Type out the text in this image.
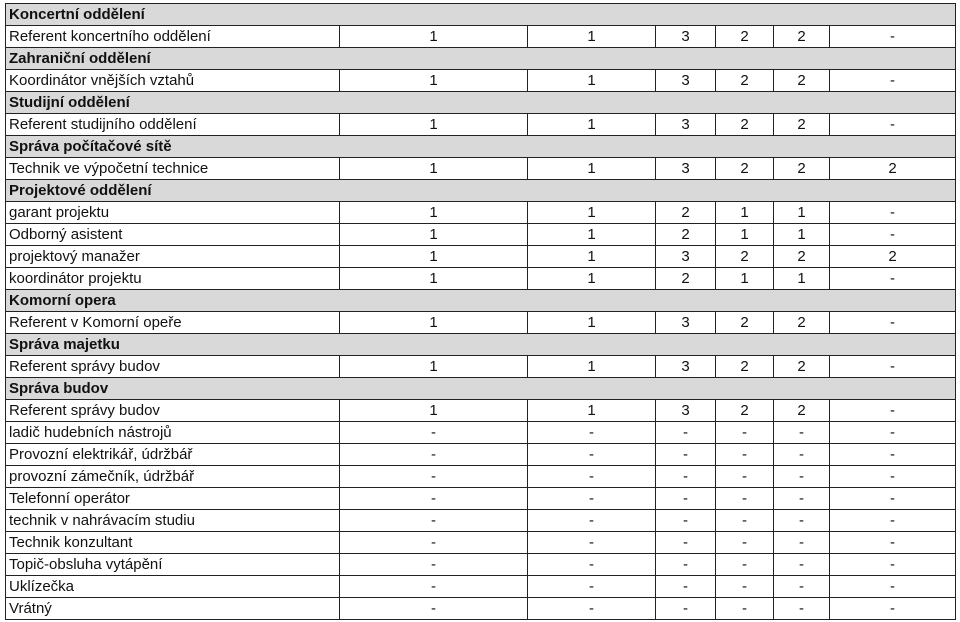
Koncertní oddělení						
Referent koncertního oddělení	1	1	3	2	2	-
Zahraniční oddělení						
Koordinátor vnějších vztahů	1	1	3	2	2	-
Studijní oddělení						
Referent studijního oddělení	1	1	3	2	2	-
Správa počítačové sítě						
Technik ve výpočetní technice	1	1	3	2	2	2
Projektové oddělení						
garant projektu	1	1	2	1	1	-
Odborný asistent	1	1	2	1	1	-
projektový manažer	1	1	3	2	2	2
koordinátor projektu	1	1	2	1	1	-
Komorní opera						
Referent v Komorní opeře	1	1	3	2	2	-
Správa majetku						
Referent správy budov	1	1	3	2	2	-
Správa budov						
Referent správy budov	1	1	3	2	2	-
ladič hudebních nástrojů	-	-	-	-	-	-
Provozní elektrikář, údržbář	-	-	-	-	-	-
provozní zámečník, údržbář	-	-	-	-	-	-
Telefonní operátor	-	-	-	-	-	-
technik v nahrávacím studiu	-	-	-	-	-	-
Technik konzultant	-	-	-	-	-	-
Topič-obsluha vytápění	-	-	-	-	-	-
Uklízečka	-	-	-	-	-	-
Vrátný	-	-	-	-	-	-
